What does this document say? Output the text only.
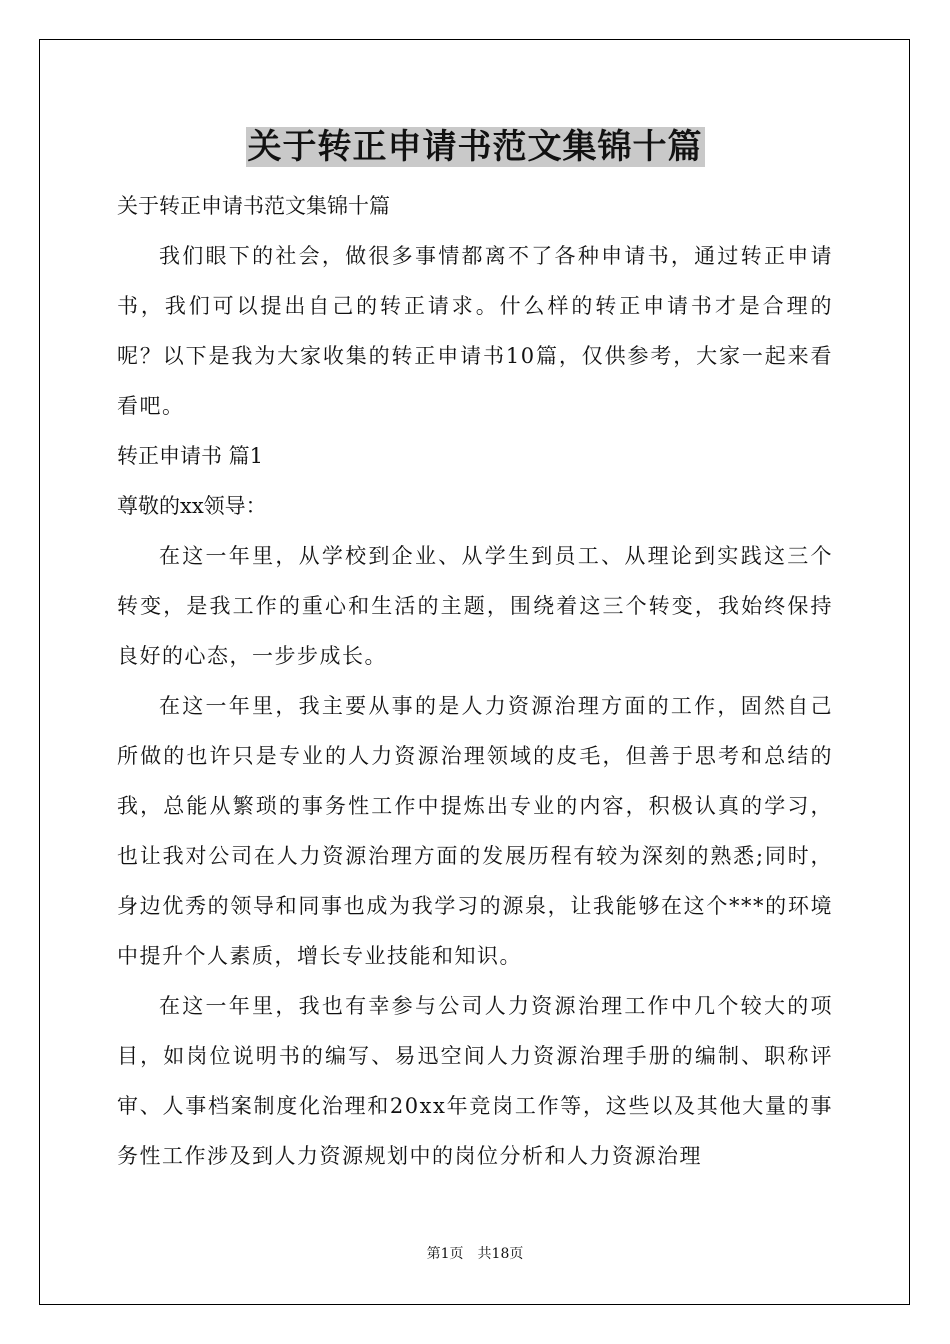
关于转正申请书范文集锦十篇
关于转正申请书范文集锦十篇
我们眼下的社会，做很多事情都离不了各种申请书，通过转正申请书，我们可以提出自己的转正请求。什么样的转正申请书才是合理的呢？以下是我为大家收集的转正申请书10篇，仅供参考，大家一起来看看吧。
转正申请书 篇1
尊敬的xx领导：
在这一年里，从学校到企业、从学生到员工、从理论到实践这三个转变，是我工作的重心和生活的主题，围绕着这三个转变，我始终保持良好的心态，一步步成长。
在这一年里，我主要从事的是人力资源治理方面的工作，固然自己所做的也许只是专业的人力资源治理领域的皮毛，但善于思考和总结的我，总能从繁琐的事务性工作中提炼出专业的内容，积极认真的学习，也让我对公司在人力资源治理方面的发展历程有较为深刻的熟悉;同时，身边优秀的领导和同事也成为我学习的源泉，让我能够在这个***的环境中提升个人素质，增长专业技能和知识。
在这一年里，我也有幸参与公司人力资源治理工作中几个较大的项目，如岗位说明书的编写、易迅空间人力资源治理手册的编制、职称评审、人事档案制度化治理和20xx年竞岗工作等，这些以及其他大量的事务性工作涉及到人力资源规划中的岗位分析和人力资源治理
第1页　共18页
